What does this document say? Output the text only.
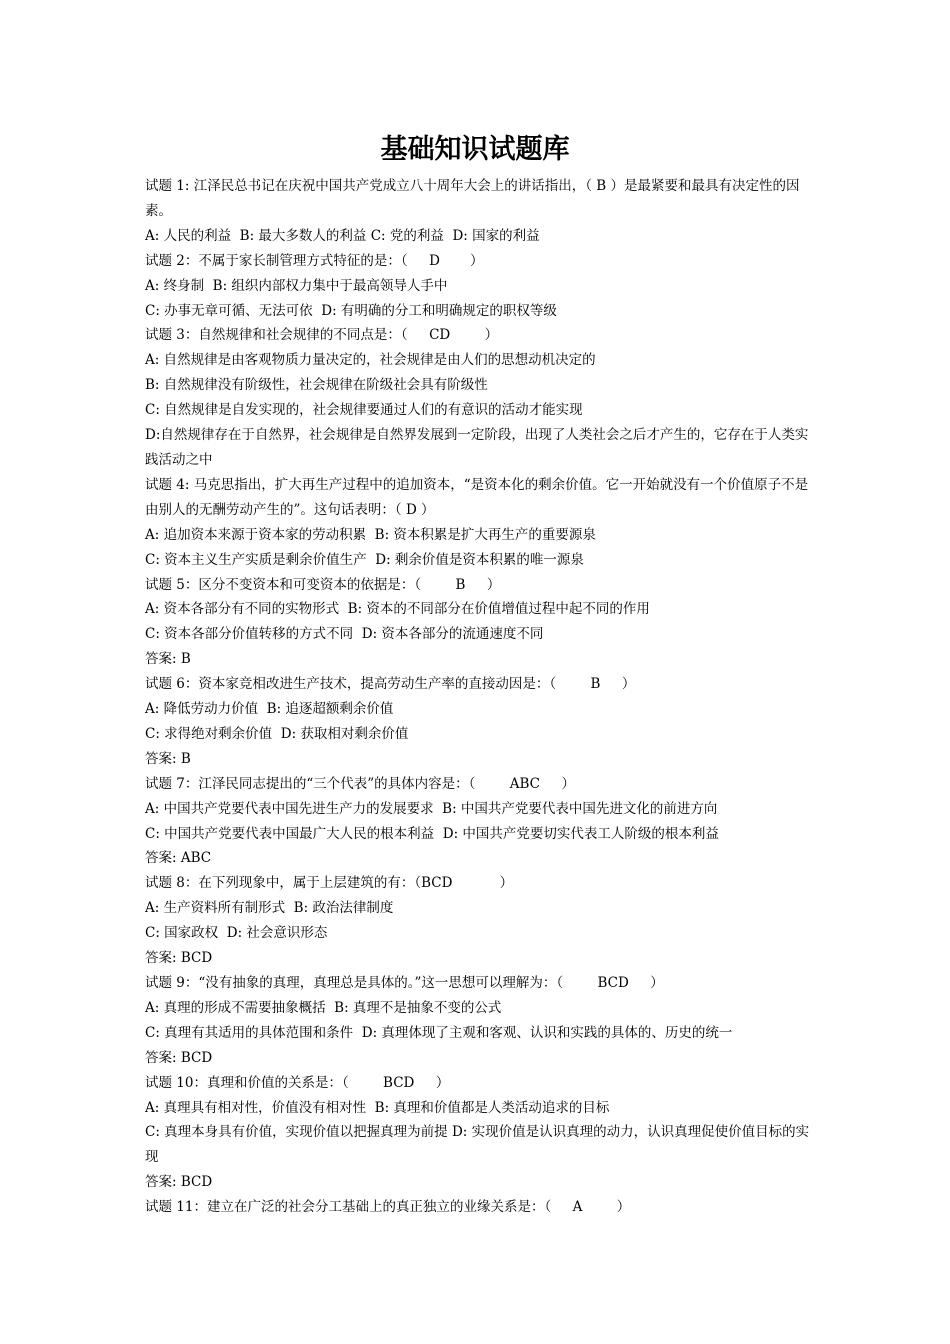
基础知识试题库

试题 1: 江泽民总书记在庆祝中国共产党成立八十周年大会上的讲话指出，（ B ）是最紧要和最具有决定性的因素。

A: 人民的利益  B: 最大多数人的利益 C: 党的利益  D: 国家的利益

试题 2：不属于家长制管理方式特征的是：（     D       ）

A: 终身制  B: 组织内部权力集中于最高领导人手中

C: 办事无章可循、无法可依  D: 有明确的分工和明确规定的职权等级

试题 3：自然规律和社会规律的不同点是：（     CD        ）

A: 自然规律是由客观物质力量决定的，社会规律是由人们的思想动机决定的

B: 自然规律没有阶级性，社会规律在阶级社会具有阶级性

C: 自然规律是自发实现的，社会规律要通过人们的有意识的活动才能实现

D:自然规律存在于自然界，社会规律是自然界发展到一定阶段，出现了人类社会之后才产生的，它存在于人类实践活动之中

试题 4: 马克思指出，扩大再生产过程中的追加资本，“是资本化的剩余价值。它一开始就没有一个价值原子不是由别人的无酬劳动产生的”。这句话表明：（ D ）

A: 追加资本来源于资本家的劳动积累  B: 资本积累是扩大再生产的重要源泉

C: 资本主义生产实质是剩余价值生产  D: 剩余价值是资本积累的唯一源泉

试题 5：区分不变资本和可变资本的依据是：（        B     ）

A: 资本各部分有不同的实物形式  B: 资本的不同部分在价值增值过程中起不同的作用

C: 资本各部分价值转移的方式不同  D: 资本各部分的流通速度不同

答案: B

试题 6：资本家竞相改进生产技术，提高劳动生产率的直接动因是：（        B     ）

A: 降低劳动力价值  B: 追逐超额剩余价值

C: 求得绝对剩余价值  D: 获取相对剩余价值

答案: B

试题 7：江泽民同志提出的“三个代表”的具体内容是：（        ABC     ）

A: 中国共产党要代表中国先进生产力的发展要求  B: 中国共产党要代表中国先进文化的前进方向

C: 中国共产党要代表中国最广大人民的根本利益  D: 中国共产党要切实代表工人阶级的根本利益

答案: ABC

试题 8：在下列现象中，属于上层建筑的有：（BCD           ）

A: 生产资料所有制形式  B: 政治法律制度

C: 国家政权  D: 社会意识形态

答案: BCD

试题 9：“没有抽象的真理，真理总是具体的。”这一思想可以理解为：（        BCD     ）

A: 真理的形成不需要抽象概括  B: 真理不是抽象不变的公式

C: 真理有其适用的具体范围和条件  D: 真理体现了主观和客观、认识和实践的具体的、历史的统一

答案: BCD

试题 10：真理和价值的关系是：（        BCD     ）

A: 真理具有相对性，价值没有相对性  B: 真理和价值都是人类活动追求的目标

C: 真理本身具有价值，实现价值以把握真理为前提 D: 实现价值是认识真理的动力，认识真理促使价值目标的实现

答案: BCD

试题 11：建立在广泛的社会分工基础上的真正独立的业缘关系是：（     A        ）
